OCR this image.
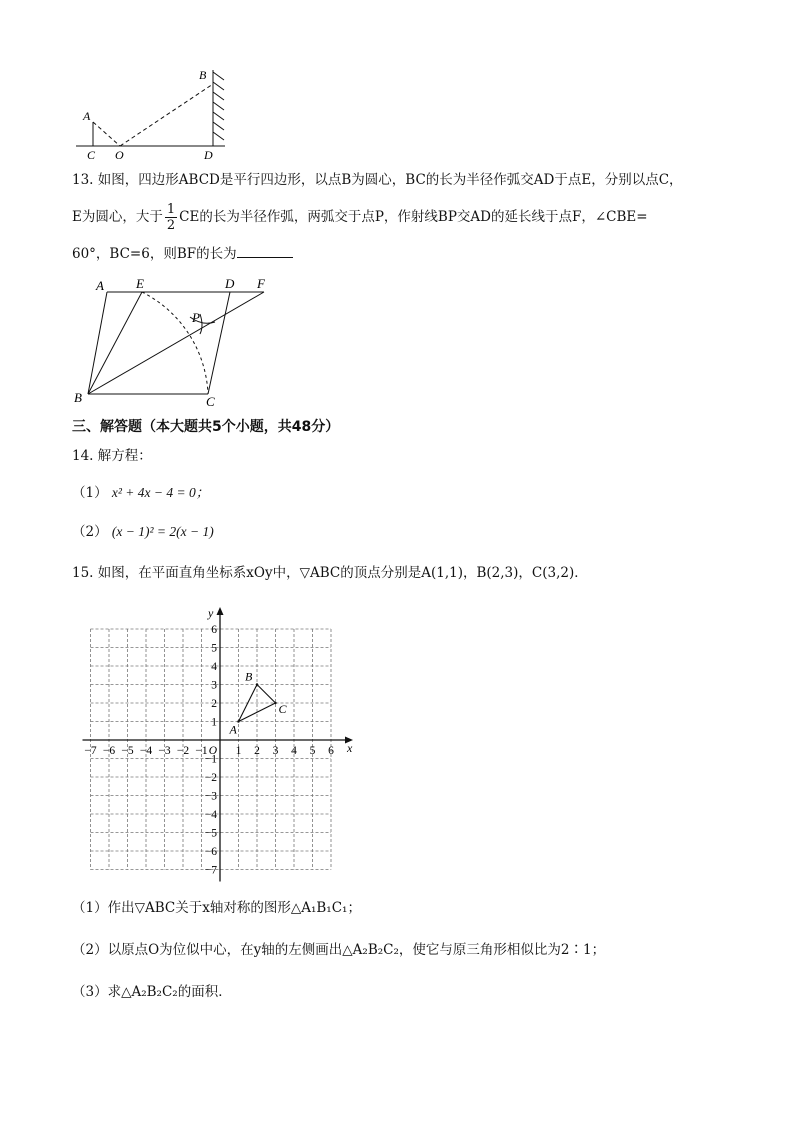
A
B
C O	D
13. 如图，四边形ABCD是平行四边形，以点B为圆心，BC的长为半径作弧交AD于点E，分别以点C，
E为圆心，大于 $\frac{1}{2}$ CE的长为半径作弧，两弧交于点P，作射线BP交AD的延长线于点F，∠CBE=
60°，BC=6，则BF的长为
A E	D F
P
B	C
三、解答题（本大题共5个小题，共48分）
14. 解方程：
（1） x² + 4x − 4 = 0；
（2） (x − 1)² = 2(x − 1)
15. 如图，在平面直角坐标系xOy中，▽ABC的顶点分别是A(1,1)，B(2,3)，C(3,2)．
x
y
−7 −6 −5 −4 −3 −2 −1 O 1 2 3 4 5 6
6
5
4
3
2
1
−1
−2
−3
−4
−5
−6
−7
A
B
C
（1）作出▽ABC关于x轴对称的图形△A₁B₁C₁；
（2）以原点O为位似中心，在y轴的左侧画出△A₂B₂C₂，使它与原三角形相似比为2∶1；
（3）求△A₂B₂C₂的面积．
